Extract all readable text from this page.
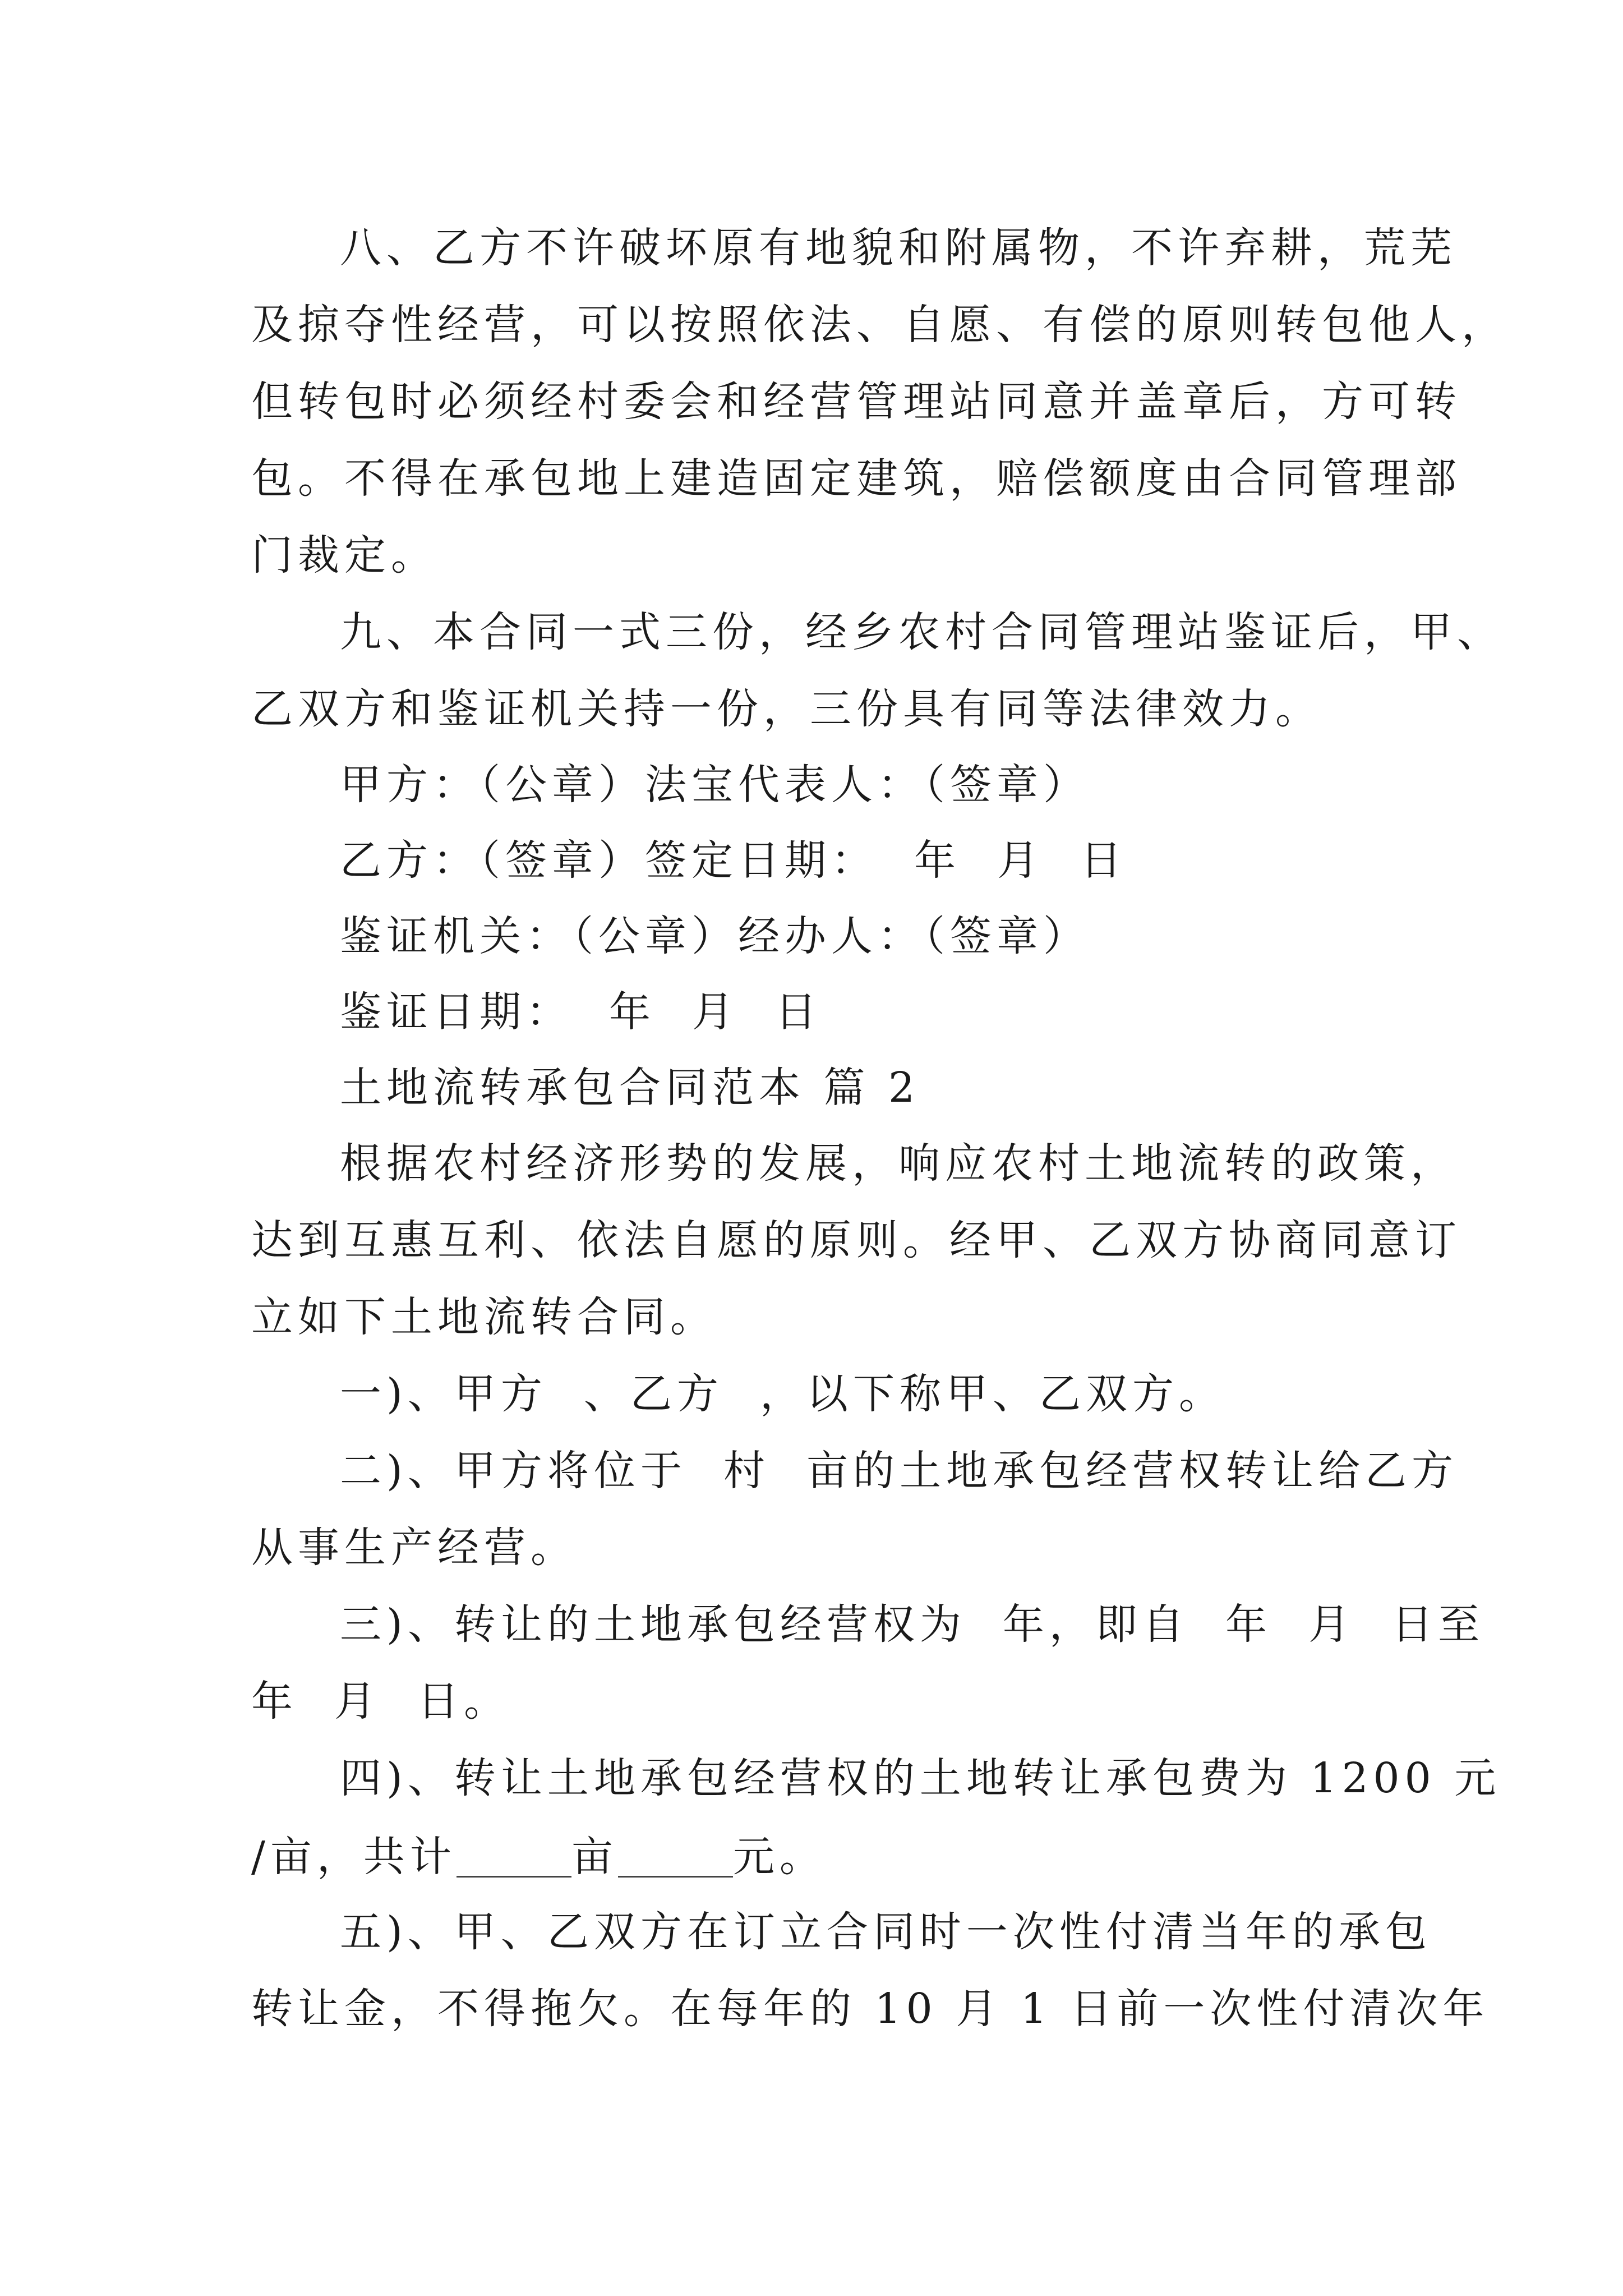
八、乙方不许破坏原有地貌和附属物，不许弃耕，荒芜
及掠夺性经营，可以按照依法、自愿、有偿的原则转包他人，
但转包时必须经村委会和经营管理站同意并盖章后，方可转
包。不得在承包地上建造固定建筑，赔偿额度由合同管理部
门裁定。
九、本合同一式三份，经乡农村合同管理站鉴证后，甲、
乙双方和鉴证机关持一份，三份具有同等法律效力。
甲方：（公章）法宝代表人：（签章）
乙方：（签章）签定日期：  年  月  日
鉴证机关：（公章）经办人：（签章）
鉴证日期：  年  月  日
土地流转承包合同范本 篇 2
根据农村经济形势的发展，响应农村土地流转的政策，
达到互惠互利、依法自愿的原则。经甲、乙双方协商同意订
立如下土地流转合同。
一)、甲方  、乙方  ，以下称甲、乙双方。
二)、甲方将位于  村  亩的土地承包经营权转让给乙方
从事生产经营。
三)、转让的土地承包经营权为  年，即自  年  月  日至
年  月  日。
四)、转让土地承包经营权的土地转让承包费为 1200 元
/亩，共计	亩	元。
五)、甲、乙双方在订立合同时一次性付清当年的承包
转让金，不得拖欠。在每年的 10 月 1 日前一次性付清次年
